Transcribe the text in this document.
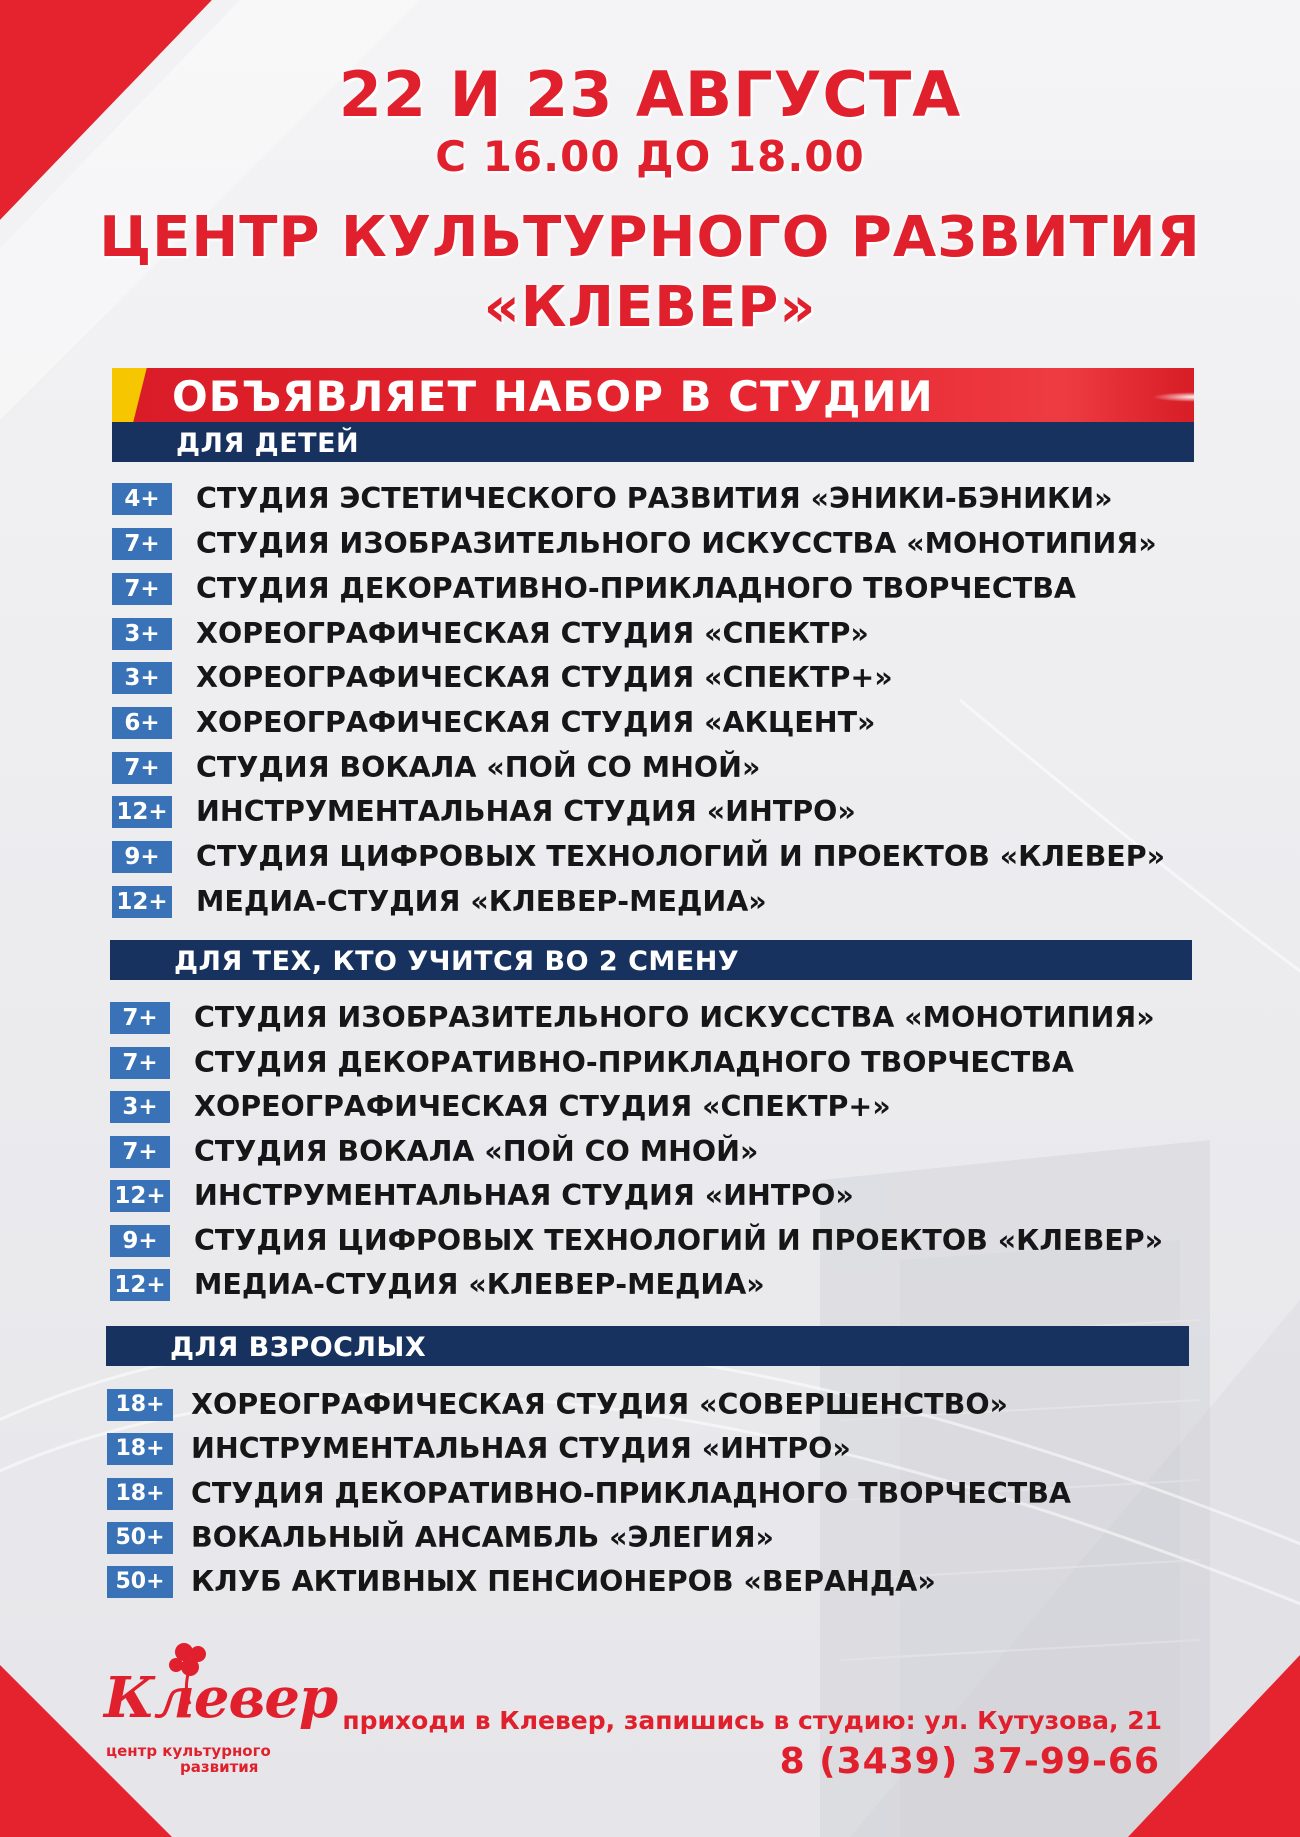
22 И 23 АВГУСТА
С 16.00 ДО 18.00
ЦЕНТР КУЛЬТУРНОГО РАЗВИТИЯ
«КЛЕВЕР»
ОБЪЯВЛЯЕТ НАБОР В СТУДИИ
ДЛЯ ДЕТЕЙ
4+	СТУДИЯ ЭСТЕТИЧЕСКОГО РАЗВИТИЯ «ЭНИКИ-БЭНИКИ»
7+	СТУДИЯ ИЗОБРАЗИТЕЛЬНОГО ИСКУССТВА «МОНОТИПИЯ»
7+	СТУДИЯ ДЕКОРАТИВНО-ПРИКЛАДНОГО ТВОРЧЕСТВА
3+	ХОРЕОГРАФИЧЕСКАЯ СТУДИЯ «СПЕКТР»
3+	ХОРЕОГРАФИЧЕСКАЯ СТУДИЯ «СПЕКТР+»
6+	ХОРЕОГРАФИЧЕСКАЯ СТУДИЯ «АКЦЕНТ»
7+	СТУДИЯ ВОКАЛА «ПОЙ СО МНОЙ»
12+ ИНСТРУМЕНТАЛЬНАЯ СТУДИЯ «ИНТРО»
9+	СТУДИЯ ЦИФРОВЫХ ТЕХНОЛОГИЙ И ПРОЕКТОВ «КЛЕВЕР»
12+ МЕДИА-СТУДИЯ «КЛЕВЕР-МЕДИА»
ДЛЯ ТЕХ, КТО УЧИТСЯ ВО 2 СМЕНУ
7+	СТУДИЯ ИЗОБРАЗИТЕЛЬНОГО ИСКУССТВА «МОНОТИПИЯ»
7+	СТУДИЯ ДЕКОРАТИВНО-ПРИКЛАДНОГО ТВОРЧЕСТВА
3+	ХОРЕОГРАФИЧЕСКАЯ СТУДИЯ «СПЕКТР+»
7+	СТУДИЯ ВОКАЛА «ПОЙ СО МНОЙ»
12+ ИНСТРУМЕНТАЛЬНАЯ СТУДИЯ «ИНТРО»
9+	СТУДИЯ ЦИФРОВЫХ ТЕХНОЛОГИЙ И ПРОЕКТОВ «КЛЕВЕР»
12+ МЕДИА-СТУДИЯ «КЛЕВЕР-МЕДИА»
ДЛЯ ВЗРОСЛЫХ
18+ ХОРЕОГРАФИЧЕСКАЯ СТУДИЯ «СОВЕРШЕНСТВО»
18+ ИНСТРУМЕНТАЛЬНАЯ СТУДИЯ «ИНТРО»
18+ СТУДИЯ ДЕКОРАТИВНО-ПРИКЛАДНОГО ТВОРЧЕСТВА
50+ ВОКАЛЬНЫЙ АНСАМБЛЬ «ЭЛЕГИЯ»
50+ КЛУБ АКТИВНЫХ ПЕНСИОНЕРОВ «ВЕРАНДА»
Клевер
центр культурного
развития
приходи в Клевер, запишись в студию: ул. Кутузова, 21
8 (3439) 37-99-66
